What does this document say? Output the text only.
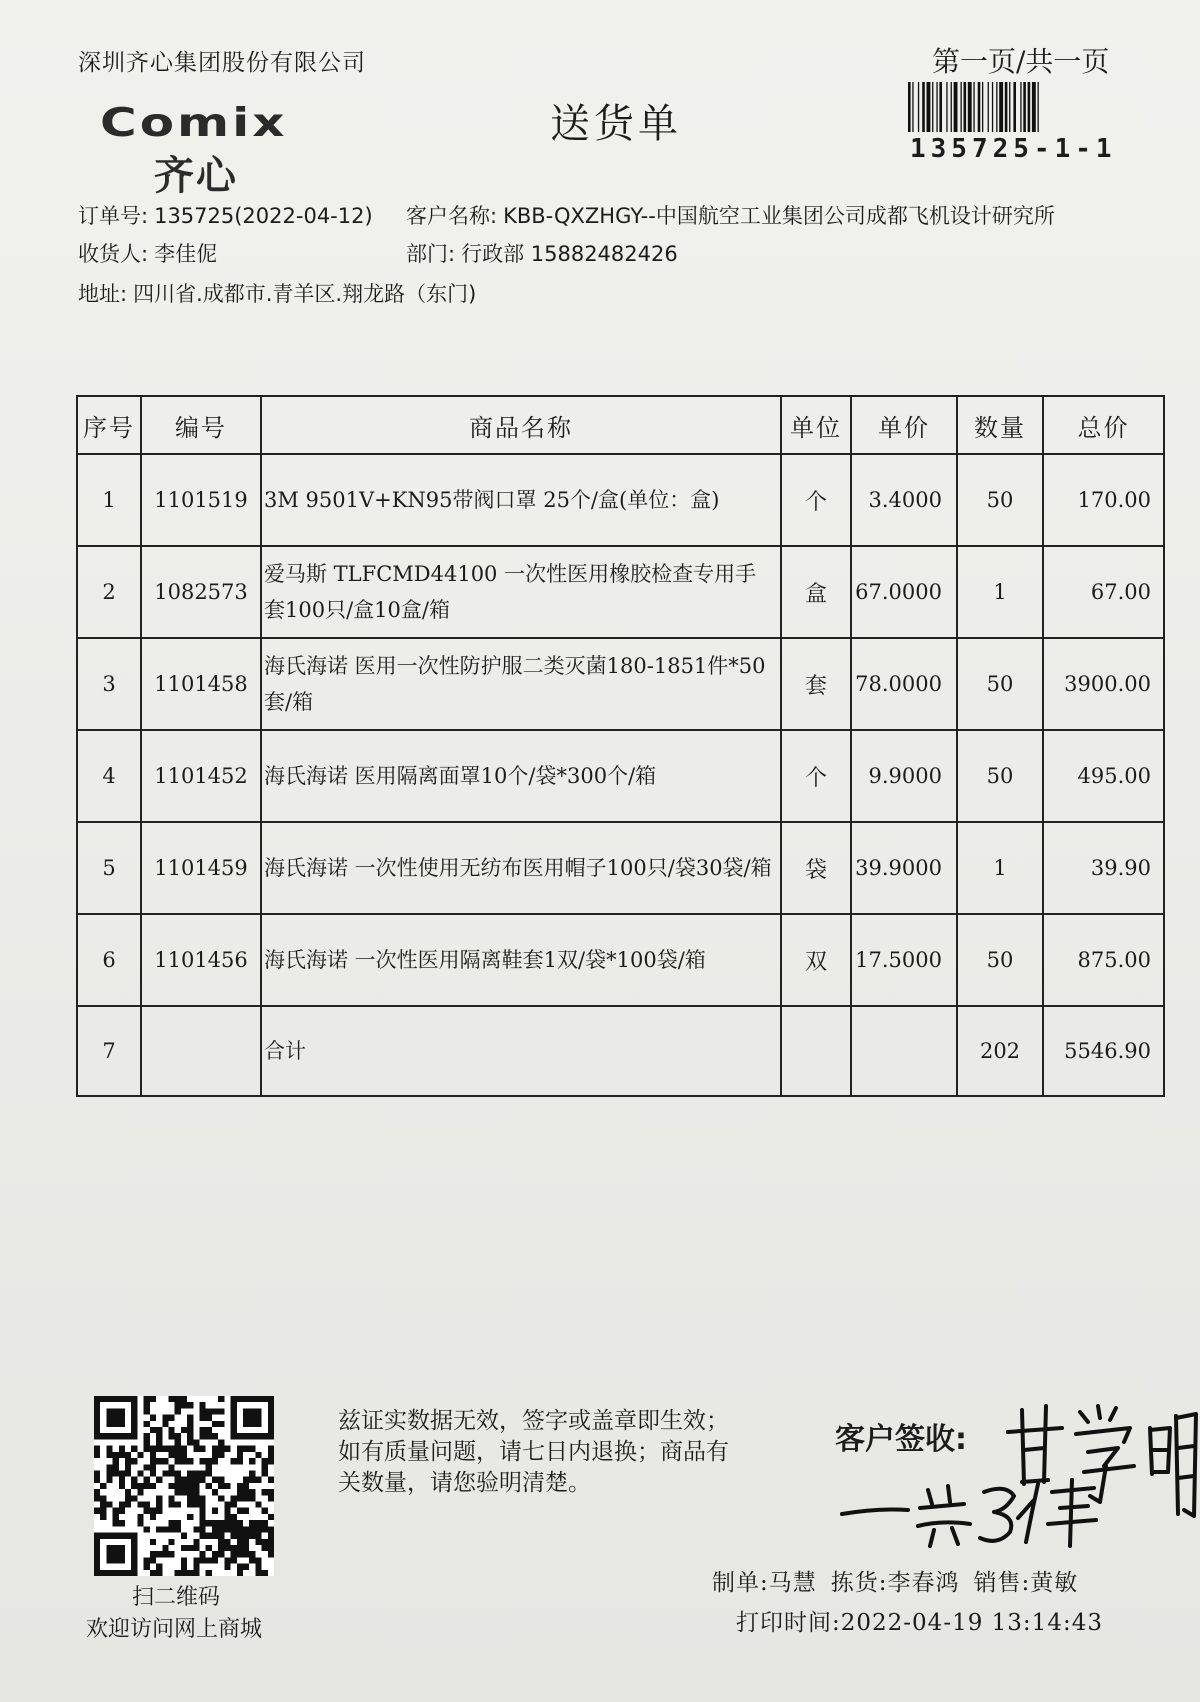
深圳齐心集团股份有限公司	第一页/共一页
Comix
齐心
送货单
135725-1-1
订单号: 135725(2022-04-12) 客户名称: KBB-QXZHGY--中国航空工业集团公司成都飞机设计研究所
收货人: 李佳伲	部门: 行政部 15882482426
地址: 四川省.成都市.青羊区.翔龙路（东门)
序号	编号	商品名称	单位	单价	数量	总价
1	1101519	3M 9501V+KN95带阀口罩 25个/盒(单位：盒)	个	3.4000	50	170.00
2	1082573	爱马斯 TLFCMD44100 一次性医用橡胶检查专用手套100只/盒10盒/箱	盒	67.0000	1	67.00
3	1101458	海氏海诺 医用一次性防护服二类灭菌180-1851件*50 套/箱	套	78.0000	50	3900.00
4	1101452	海氏海诺 医用隔离面罩10个/袋*300个/箱	个	9.9000	50	495.00
5	1101459	海氏海诺 一次性使用无纺布医用帽子100只/袋30袋/箱	袋	39.9000	1	39.90
6	1101456	海氏海诺 一次性医用隔离鞋套1双/袋*100袋/箱	双	17.5000	50	875.00
7		合计			202	5546.90
扫二维码
欢迎访问网上商城
兹证实数据无效，签字或盖章即生效；如有质量问题，请七日内退换；商品有关数量，请您验明清楚。
客户签收:
制单:马慧 拣货:李春鸿 销售:黄敏
打印时间:2022-04-19 13:14:43
